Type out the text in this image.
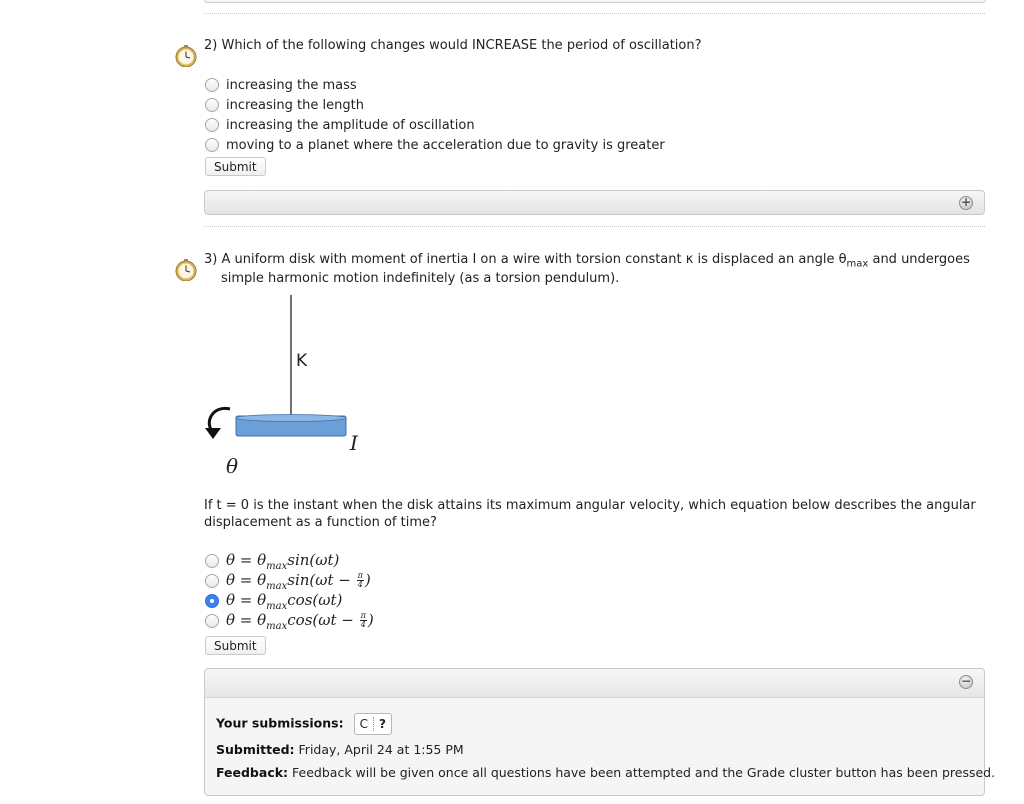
2) Which of the following changes would INCREASE the period of oscillation?
increasing the mass
increasing the length
increasing the amplitude of oscillation
moving to a planet where the acceleration due to gravity is greater
Submit
+
3) A uniform disk with moment of inertia I on a wire with torsion constant κ is displaced an angle $\theta_{max}$ and undergoes
simple harmonic motion indefinitely (as a torsion pendulum).
Κ
I
θ
If t = 0 is the instant when the disk attains its maximum angular velocity, which equation below describes the angular
displacement as a function of time?
$\theta = \theta_{max}\sin(\omega t)$
$\theta = \theta_{max}\sin(\omega t - \frac{\pi}{4}$ )
$\theta = \theta_{max}\cos(\omega t)$
$\theta = \theta_{max}\cos(\omega t - \frac{\pi}{4}$ )
Submit
−
Your submissions:	C ?
Submitted: Friday, April 24 at 1:55 PM
Feedback: Feedback will be given once all questions have been attempted and the Grade cluster button has been pressed.
